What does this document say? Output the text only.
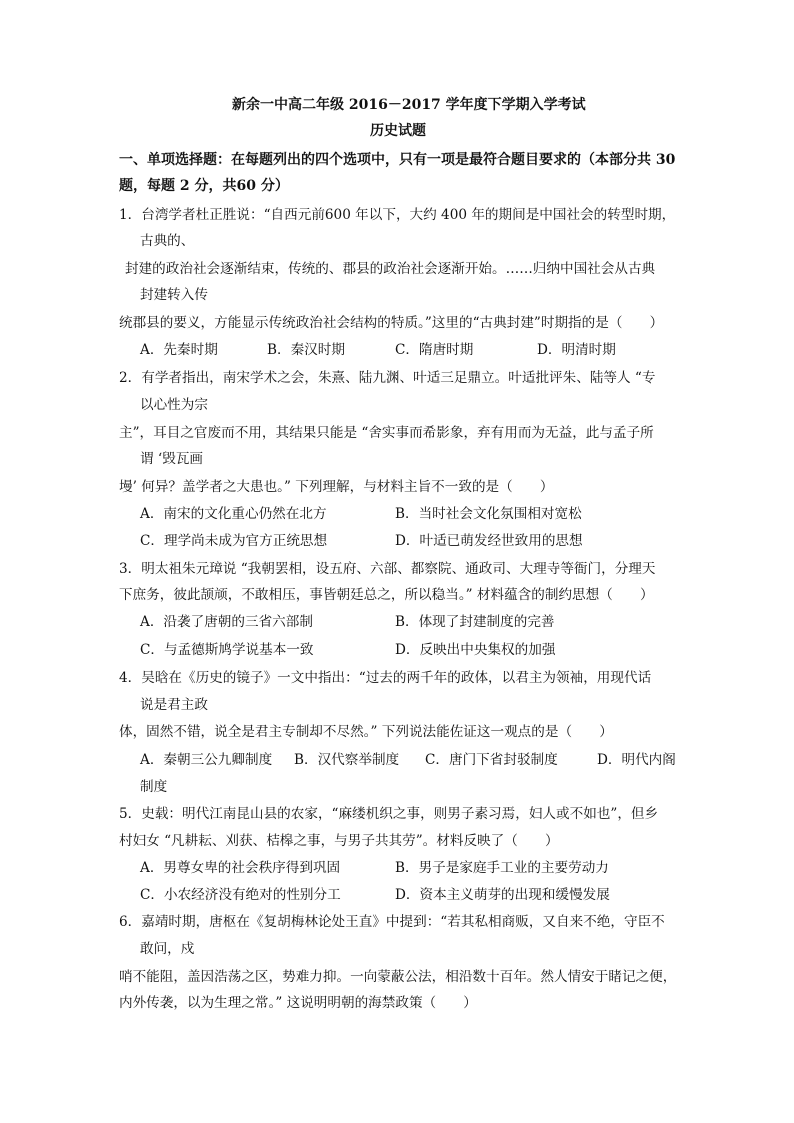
新余一中高二年级 2016－2017 学年度下学期入学考试
历史试题
一、单项选择题：在每题列出的四个选项中，只有一项是最符合题目要求的（本部分共 30
题，每题 2 分，共60 分）
1．台湾学者杜正胜说：“自西元前600 年以下，大约 400 年的期间是中国社会的转型时期，
古典的、
封建的政治社会逐渐结束，传统的、郡县的政治社会逐渐开始。……归纳中国社会从古典
封建转入传
统郡县的要义，方能显示传统政治社会结构的特质。”这里的“古典封建”时期指的是（　　）
A．先秦时期	B．秦汉时期	C．隋唐时期	D．明清时期
2．有学者指出，南宋学术之会，朱熹、陆九渊、叶适三足鼎立。叶适批评朱、陆等人 “专
以心性为宗
主”，耳目之官废而不用，其结果只能是 “舍实事而希影象，弃有用而为无益，此与孟子所
谓 ‘毁瓦画
墁’ 何异？盖学者之大患也。” 下列理解，与材料主旨不一致的是（　　）
A．南宋的文化重心仍然在北方	B．当时社会文化氛围相对宽松
C．理学尚未成为官方正统思想	D．叶适已萌发经世致用的思想
3．明太祖朱元璋说 “我朝罢相，设五府、六部、都察院、通政司、大理寺等衙门，分理天
下庶务，彼此颉颃，不敢相压，事皆朝廷总之，所以稳当。” 材料蕴含的制约思想（　　）
A．沿袭了唐朝的三省六部制	B．体现了封建制度的完善
C．与孟德斯鸠学说基本一致	D．反映出中央集权的加强
4．吴晗在《历史的镜子》一文中指出：“过去的两千年的政体，以君主为领袖，用现代话
说是君主政
体，固然不错，说全是君主专制却不尽然。” 下列说法能佐证这一观点的是（　　）
A．秦朝三公九卿制度 B．汉代察举制度 C．唐门下省封驳制度	D．明代内阁
制度
5．史载：明代江南昆山县的农家，“麻缕机织之事，则男子素习焉，妇人或不如也”，但乡
村妇女 “凡耕耘、刈获、桔槔之事，与男子共其劳”。材料反映了（　　）
A．男尊女卑的社会秩序得到巩固	B．男子是家庭手工业的主要劳动力
C．小农经济没有绝对的性别分工	D．资本主义萌芽的出现和缓慢发展
6．嘉靖时期，唐枢在《复胡梅林论处王直》中提到：“若其私相商贩，又自来不绝，守臣不
敢问，戍
哨不能阻，盖因浩荡之区，势难力抑。一向蒙蔽公法，相沿数十百年。然人情安于睹记之便，
内外传袭，以为生理之常。” 这说明明朝的海禁政策（　　）
